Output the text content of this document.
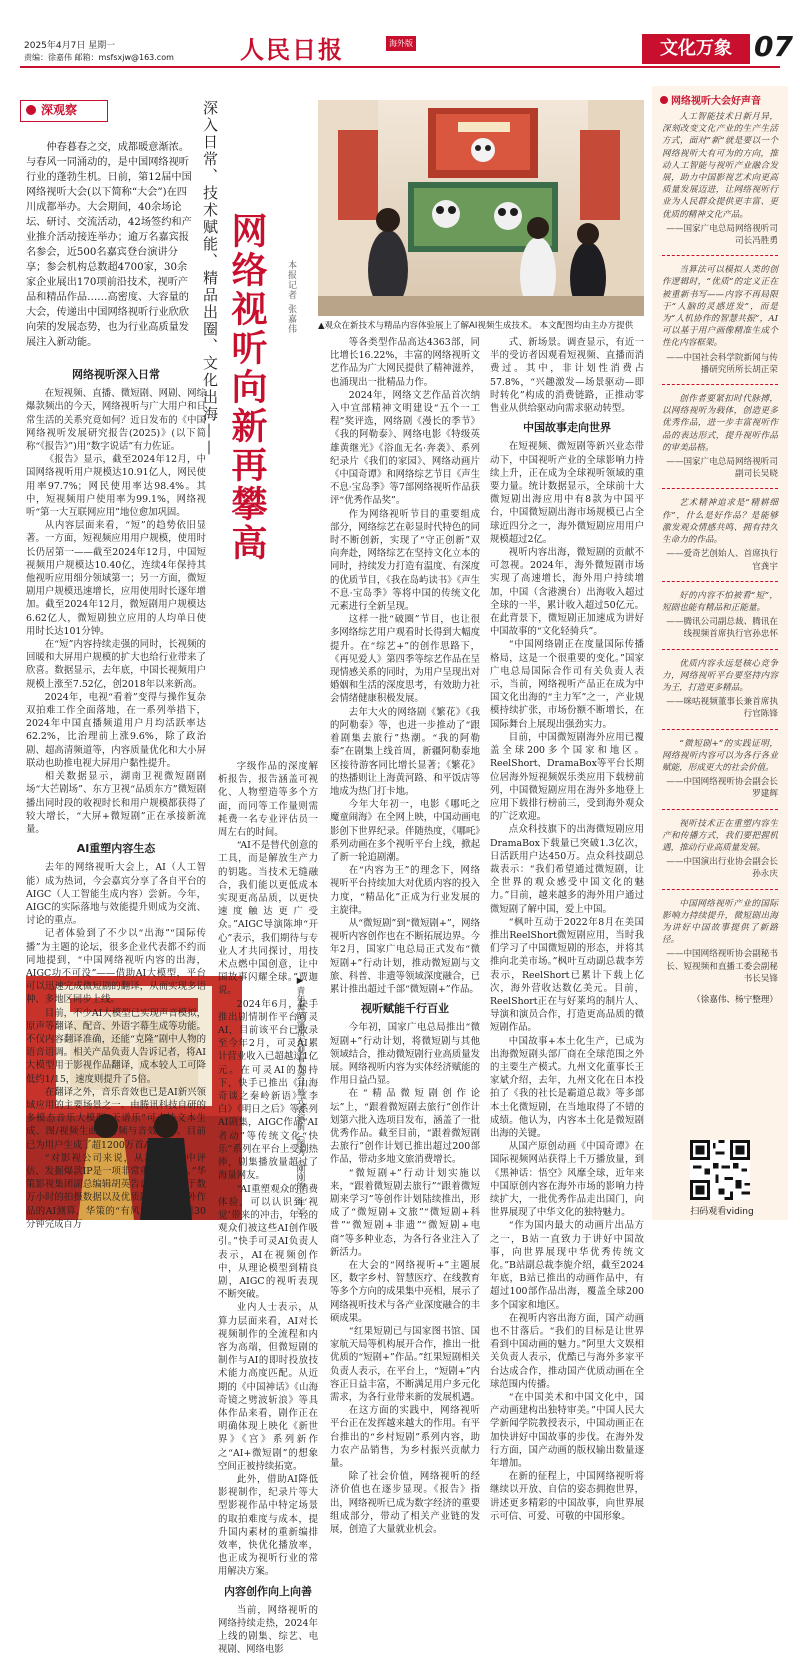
2025年4月7日 星期一
责编：徐嘉伟 邮箱：msfsxjw@163.com	人民日报	海外版	文化万象 07
深观察
仲春暮春之交，成都暖意渐浓。与春风一同涌动的，是中国网络视听行业的蓬勃生机。日前，第12届中国网络视听大会(以下简称“大会”)在四川成都举办。大会期间，40余场论坛、研讨、交流活动，42场签约和产业推介活动接连举办；逾万名嘉宾报名参会，近500名嘉宾登台演讲分享；参会机构总数超4700家，30余家企业展出170项前沿技术，视听产品和精品作品……高密度、大容量的大会，传递出中国网络视听行业欣欣向荣的发展态势，也为行业高质量发展注入新动能。	深入日常、技术赋能、精品出圈、文化出海—— 网络视听向新再攀高 本报记者 张嘉伟	▲观众在新技术与精品内容体验展上了解AI视频生成技术。 本文配图均由主办方提供
▶青年舞蹈演员在观看大会开幕式表演前（图为《刚刚的一年》）
网络视听深入日常

在短视频、直播、微短剧、网剧、网综爆款频出的今天，网络视听与广大用户和日常生活的关系究竟如何？近日发布的《中国网络视听发展研究报告(2025)》(以下简称“《报告》”)用“数字说话”有力佐证。

《报告》显示，截至2024年12月，中国网络视听用户规模达10.91亿人，网民使用率97.7%；网民使用率达98.4%。其中，短视频用户使用率为99.1%，网络视听“第一大互联网应用”地位愈加巩固。

从内容层面来看，“短”的趋势依旧显著。一方面，短视频应用用户规模，使用时长仍居第一——截至2024年12月，中国短视频用户规模达10.40亿，连续4年保持其他视听应用细分领域第一；另一方面，微短剧用户规模迅速增长，应用使用时长逐年增加。截至2024年12月，微短剧用户规模达6.62亿人，微短剧独立应用的人均单日使用时长达101分钟。

在“短”内容持续走强的同时，长视频的回暖和大屏用户规模的扩大也给行业带来了欣喜。数据显示，去年底，中国长视频用户规模上涨至7.52亿，创2018年以来新高。

2024年，电视“看着”变得与操作复杂双拍难工作全面落地，在一系列举措下，2024年中国直播频道用户月均活跃率达62.2%，比治理前上涨9.6%，除了政治剧、超高清频道等，内容质量优化和大小屏联动也助推电视大屏用户黏性提升。

相关数据显示，湖南卫视微短剧剧场“大芒剧场”、东方卫视“品质东方”微短剧播出同时段的收视时长和用户规模都获得了较大增长，“大屏+微短剧”正在承接新流量。

AI重塑内容生态

去年的网络视听大会上，AI（人工智能）成为热词，今会嘉宾分享了各自平台的AIGC（人工智能生成内容）尝新。今年，AIGC的实际落地与效能提升则成为交流、讨论的重点。

记者体验到了不少以“出海”“国际传播”为主题的论坛，很多企业代表都不约而同地提到，“中国网络视听内容的出海，AIGC功不可没”——借助AI大模型，平台可以迅速完成微短剧的翻译，从而实现多语种、多地区同步上线。

目前，不少AI大模型已实现声音模拟，原声等翻译、配音、外语字幕生成等功能。不仅内容翻译准确，还能“克隆”剧中人物的语音语调。相关产品负责人告诉记者，将AI大模型用于影视作品翻译，成本较人工可降低约1/15，速度则提升了5倍。

在翻译之外，音乐音效也已是AI新兴领域应用的主要场景之一。由腾讯科技自研的多模态音乐大模型“天谱乐”可支持文本生成、图/视频生曲，音频与音效同步。目前已为用户生成了超1200万首AI歌曲。

“对影视公司来说，从海量数字中评估、发掘爆款IP是一项非常重要的工作。”华策影视集团副总编辑胡英告诉记者，基于数万小时的拍摄数据以及优质剧本等海内外作品的AI测算，华策的“有风”大模型可用30分钟完成百万

字级作品的深度解析报告，报告涵盖可视化、人物塑造等多个方面，而同等工作量则需耗费一名专业评估员一周左右的时间。

“AI不是替代创意的工具，而是解放生产力的钥匙。当技术无缝融合，我们能以更低成本实现更高品质，以更快速度触达更广受众。”AIGC导演陈坤“开心”表示，我们期待与专业人才共同探讨，用技术点燃中国创意，让中国故事闪耀全球。”贾迦说。

2024年6月，快手推出剧情制作平台可灵AI，目前该平台已收录至今年2月，可灵AI累计营业收入已超越过1亿元。在可灵AI的加持下，快手已推出《山海奇谈之秦岭新语》《李白》《明日之后》等系列AI剧集，AIGC作品“AI者动”等传统文化“快乐”系列在平台上受到热捧，剧集播放量超过了海量网友。

“AI重塑观众的消费体验，可以认识到‘视觉’带来的冲击，年轻的观众们被这些AI创作吸引。”快手可灵AI负责人表示，AI在视频创作中，从理论模型到精良剧，AIGC的视听表现不断突破。

业内人士表示，从算力层面来看，AI对长视频制作的全流程和内容为高端，但微短剧的制作与AI的即时投放技术能力高度匹配。从近期的《中国神话》《山海奇镜之劈波斩浪》等具体作品来看，剧作正在明确体现上映化《新世界》《宫》系列新作之“AI+微短剧”的想象空间正被持续拓宽。

此外，借助AI降低影视制作，纪录片等大型影视作品中特定场景的取拍难度与成本，提升国内素材的重新编排效率，快优化播放率，也正成为视听行业的常用解决方案。

内容创作向上向善

当前，网络视听的网络持续走热，2024年上线的剧集、综艺、电视剧、网络电影

等各类型作品高达4363部，同比增长16.22%，丰富的网络视听文艺作品为广大网民提供了精神滋养，也涌现出一批精品力作。

2024年，网络文艺作品首次纳入中宣部精神文明建设“五个一工程”奖评选，网络剧《漫长的季节》《我的阿勒泰》、网络电影《特级英雄黄继光》《浴血无名·奔袭》、系列纪录片《我们的家园》、网络动画片《中国奇谭》和网络综艺节目《声生不息·宝岛季》等7部网络视听作品获评“优秀作品奖”。

作为网络视听节目的重要组成部分，网络综艺在彰显时代特色的同时不断创新，实现了“守正创新”双向奔赴，网络综艺在坚持文化立本的同时，持续发力打造有温度、有深度的优质节目，《我在岛屿读书》《声生不息·宝岛季》等将中国的传统文化元素进行全新呈现。

这样一批“破圈”节目，也让很多网络综艺用户观看时长得到大幅度提升。在“综艺+”的创作思路下，《再见爱人》第四季等综艺作品在呈现情感关系的同时，为用户呈现出对婚姻和生活的深度思考，有效助力社会情绪健康积极发展。

去年大火的网络剧《繁花》《我的阿勒泰》等，也进一步推动了“跟着剧集去旅行”热潮。“我的阿勒泰”在剧集上线首周，新疆阿勒泰地区接待游客同比增长显著；《繁花》的热播则让上海黄河路、和平饭店等地成为热门打卡地。

今年大年初一，电影《哪吒之魔童闹海》在全网上映，中国动画电影创下世界纪录。伴随热度，《哪吒》系列动画在多个视听平台上线，掀起了新一轮追剧潮。

在“内容为王”的理念下，网络视听平台持续加大对优质内容的投入力度，“精品化”正成为行业发展的主旋律。

从“微短剧”到“微短剧+”，网络视听内容创作也在不断拓展边界。今年2月，国家广电总局正式发布“微短剧+”行动计划，推动微短剧与文旅、科普、非遗等领域深度融合，已累计推出超过千部“微短剧+”作品。

视听赋能千行百业

今年初，国家广电总局推出“微短剧+”行动计划，将微短剧与其他领域结合，推动微短剧行业高质量发展。网络视听内容为实体经济赋能的作用日益凸显。

在“精品微短剧创作论坛”上，“跟着微短剧去旅行”创作计划第六批入选项目发布，涵盖了一批优秀作品。截至目前，“跟着微短剧去旅行”创作计划已推出超过200部作品，带动多地文旅消费增长。

“微短剧+”行动计划实施以来，“跟着微短剧去旅行”“跟着微短剧来学习”等创作计划陆续推出，形成了“微短剧+文旅”“微短剧+科普”“微短剧+非遗”“微短剧+电商”等多种业态，为各行各业注入了新活力。

在大会的“网络视听+”主题展区，数字乡村、智慧医疗、在线教育等多个方向的成果集中亮相，展示了网络视听技术与各产业深度融合的丰硕成果。

“红果短剧已与国家图书馆、国家航天局等机构展开合作，推出一批优质的“短剧+”作品。”红果短剧相关负责人表示，在平台上，“短剧+”内容正日益丰富，不断满足用户多元化需求，为各行业带来新的发展机遇。

在这方面的实践中，网络视听平台正在发挥越来越大的作用。有平台推出的“乡村短剧”系列内容，助力农产品销售，为乡村振兴贡献力量。

除了社会价值，网络视听的经济价值也在逐步显现。《报告》指出，网络视听已成为数字经济的重要组成部分，带动了相关产业链的发展，创造了大量就业机会。

式、新场景。调查显示，有近一半的受访者因观看短视频、直播而消费过。其中，非计划性消费占57.8%，“兴趣激发—场景驱动—即时转化”构成的消费链路，正推动零售业从供给驱动向需求驱动转型。

中国故事走向世界

在短视频、微短剧等新兴业态带动下，中国视听产业的全球影响力持续上升，正在成为全球视听领域的重要力量。统计数据显示，全球前十大微短剧出海应用中有8款为中国平台，中国微短剧出海市场规模已占全球近四分之一，海外微短剧应用用户规模超过2亿。

视听内容出海，微短剧的贡献不可忽视。2024年，海外微短剧市场实现了高速增长，海外用户持续增加，中国（含港澳台）出海收入超过全球的一半，累计收入超过50亿元。在此背景下，微短剧正加速成为讲好中国故事的“文化轻骑兵”。

“中国网络剧正在度量国际传播格局，这是一个很重要的变化。”国家广电总局国际合作司有关负责人表示，当前，网络视听产品正在成为中国文化出海的“主力军”之一，产业规模持续扩张，市场份额不断增长，在国际舞台上展现出强劲实力。

目前，中国微短剧海外应用已覆盖全球200多个国家和地区。ReelShort、DramaBox等平台长期位居海外短视频娱乐类应用下载榜前列，中国微短剧应用在海外多地登上应用下载排行榜前三，受到海外观众的广泛欢迎。

点众科技旗下的出海微短剧应用DramaBox下载量已突破1.3亿次，日活跃用户达450万。点众科技副总裁表示：“我们希望通过微短剧，让全世界的观众感受中国文化的魅力。”目前，越来越多的海外用户通过微短剧了解中国，爱上中国。

“枫叶互动于2022年8月在美国推出ReelShort微短剧应用，当时我们学习了中国微短剧的形态，并将其推向北美市场。”枫叶互动副总裁李芳表示，ReelShort已累计下载上亿次，海外营收达数亿美元。目前，ReelShort正在与好莱坞的制片人、导演和演员合作，打造更高品质的微短剧作品。

中国故事+本土化生产，已成为出海微短剧头部厂商在全球范围之外的主要生产模式。九州文化董事长王家斌介绍，去年，九州文化在日本投拍了《我的社长是霸道总裁》等多部本土化微短剧，在当地取得了不错的成绩。他认为，内容本土化是微短剧出海的关键。

从国产原创动画《中国奇谭》在国际视频网站获得上千万播放量，到《黑神话：悟空》风靡全球，近年来中国原创内容在海外市场的影响力持续扩大，一批优秀作品走出国门，向世界展现了中华文化的独特魅力。

“作为国内最大的动画片出品方之一，B站一直致力于讲好中国故事，向世界展现中华优秀传统文化。”B站副总裁李旎介绍，截至2024年底，B站已推出的动画作品中，有超过100部作品出海，覆盖全球200多个国家和地区。

在视听内容出海方面，国产动画也不甘落后。“我们的目标是让世界看到中国动画的魅力。”阿里大文娱相关负责人表示，优酷已与海外多家平台达成合作，推动国产优质动画在全球范围内传播。

“在中国美术和中国文化中，国产动画建构出独特审美。”中国人民大学新闻学院教授表示，中国动画正在加快讲好中国故事的步伐。在海外发行方面，国产动画的版权输出数量逐年增加。

在新的征程上，中国网络视听将继续以开放、自信的姿态拥抱世界，讲述更多精彩的中国故事，向世界展示可信、可爱、可敬的中国形象。

网络视听大会好声音
人工智能技术日新月异，深刻改变文化产业的生产生活方式，面对“新”就是要以一个网络视听大有可为的方向，推动人工智能与视听产业融合发展，助力中国影视艺术向更高质量发展迈进，让网络视听行业为人民群众提供更丰富、更优质的精神文化产品。
——国家广电总局网络视听司司长冯胜勇
当算法可以模拟人类的创作逻辑时，“优质”的定义正在被重新书写——内容不再局限于“人脑的灵感迸发”，而是为“人机协作的智慧共振”，AI可以基于用户画像精准生成个性化内容框架。
——中国社会科学院新闻与传播研究所所长胡正荣
创作者要紧扣时代脉搏，以网络视听为载体，创造更多优秀作品，进一步丰富视听作品的表达形式，提升视听作品的审美品格。
——国家广电总局网络视听司副司长吴晓
艺术精神追求是“精耕细作”，什么是好作品？是能够激发观众情感共鸣、拥有持久生命力的作品。
——爱奇艺创始人、首席执行官龚宇
好的内容不怕被看“短”，短剧也能有精品和正能量。
——腾讯公司副总裁、腾讯在线视频首席执行官孙忠怀
优质内容永远是核心竞争力，网络视听平台要坚持内容为王，打造更多精品。
——咪咕视频董事长兼首席执行官陈锋
“微短剧+”的实践证明，网络视听内容可以为各行各业赋能，形成更大的社会价值。
——中国网络视听协会副会长罗建辉
视听技术正在重塑内容生产和传播方式，我们要把握机遇，推动行业高质量发展。
——中国演出行业协会副会长孙永庆
中国网络视听产业的国际影响力持续提升，微短剧出海为讲好中国故事提供了新路径。
——中国网络视听协会副秘书长、短视频和直播工委会副秘书长吴锋
（徐嘉伟、杨宁整理）
扫码观看viding
